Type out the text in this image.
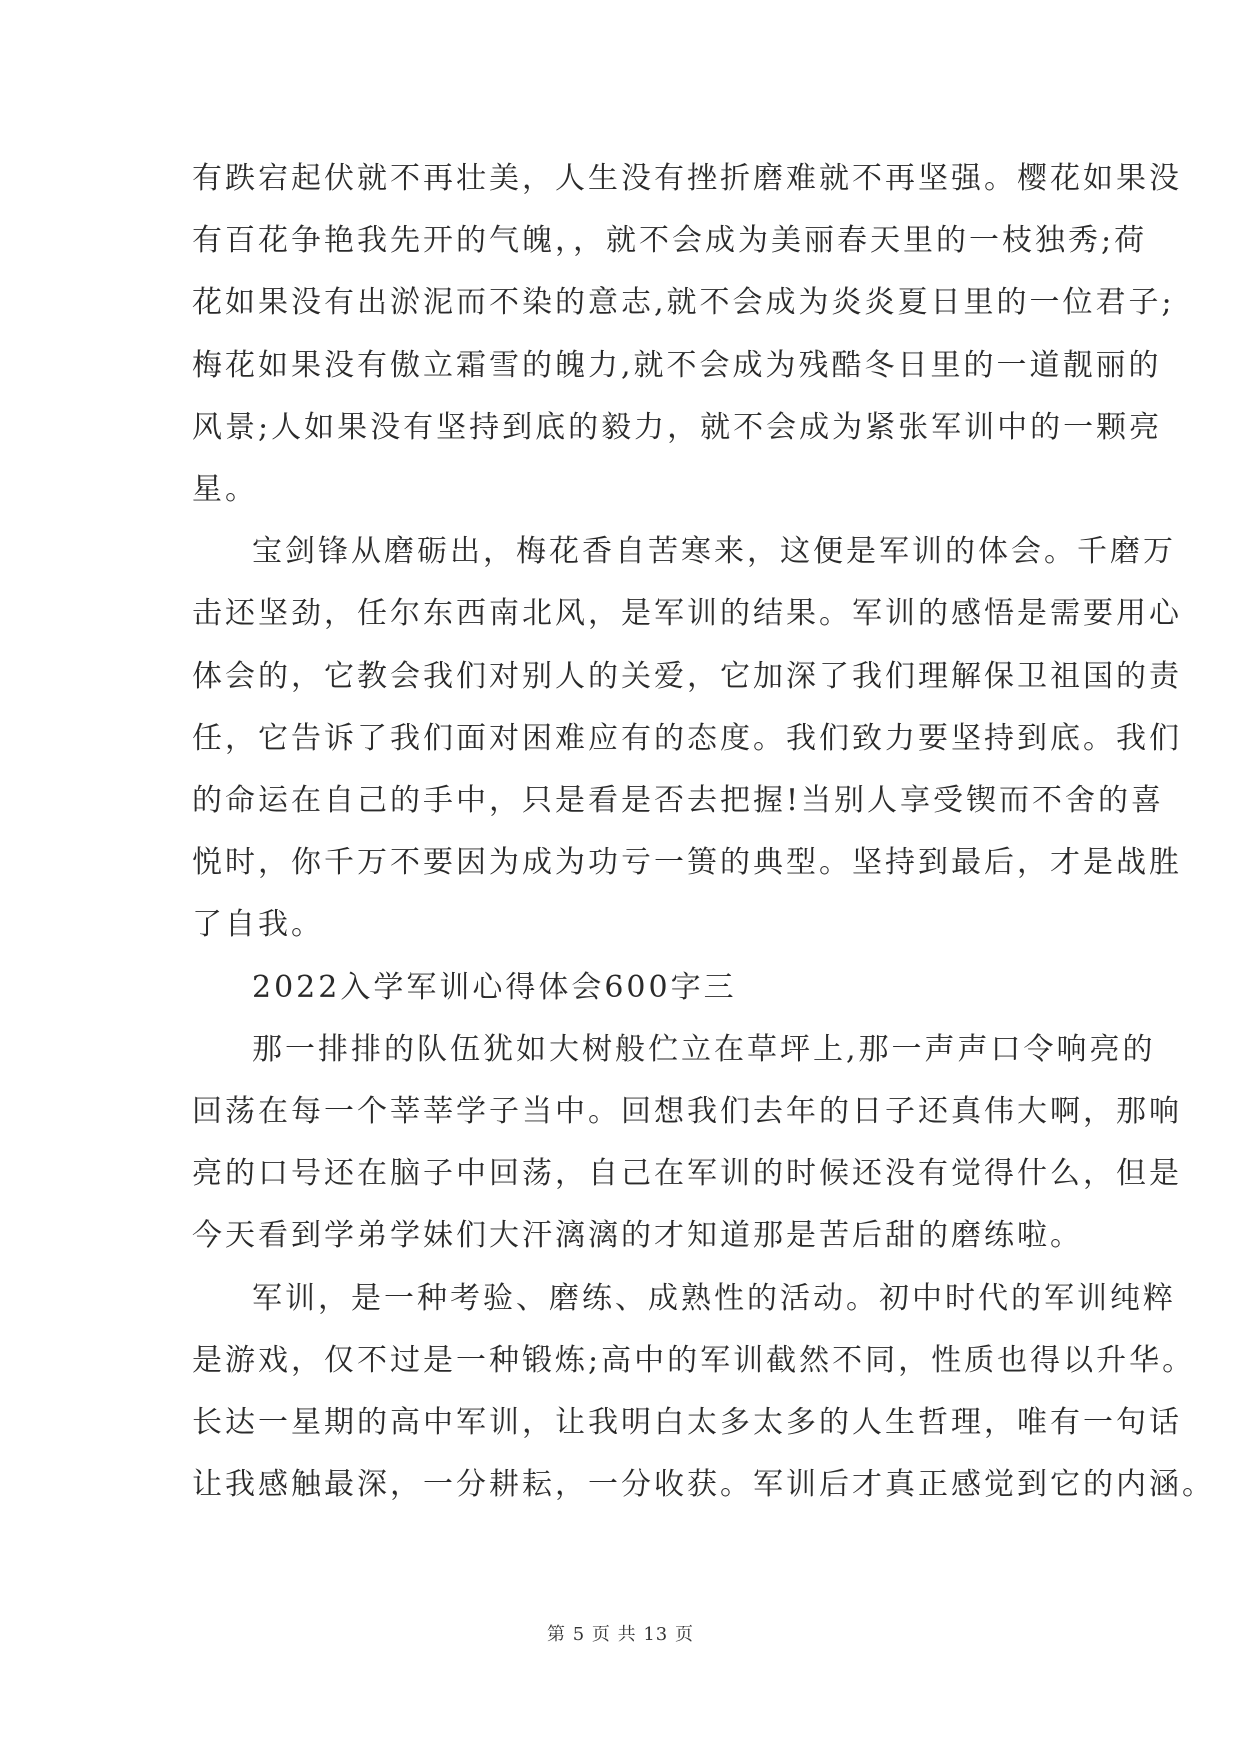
有跌宕起伏就不再壮美，人生没有挫折磨难就不再坚强。樱花如果没
有百花争艳我先开的气魄，，就不会成为美丽春天里的一枝独秀;荷
花如果没有出淤泥而不染的意志,就不会成为炎炎夏日里的一位君子;
梅花如果没有傲立霜雪的魄力,就不会成为残酷冬日里的一道靓丽的
风景;人如果没有坚持到底的毅力，就不会成为紧张军训中的一颗亮
星。
宝剑锋从磨砺出，梅花香自苦寒来，这便是军训的体会。千磨万
击还坚劲，任尔东西南北风，是军训的结果。军训的感悟是需要用心
体会的，它教会我们对别人的关爱，它加深了我们理解保卫祖国的责
任，它告诉了我们面对困难应有的态度。我们致力要坚持到底。我们
的命运在自己的手中，只是看是否去把握!当别人享受锲而不舍的喜
悦时，你千万不要因为成为功亏一篑的典型。坚持到最后，才是战胜
了自我。
2022入学军训心得体会600字三
那一排排的队伍犹如大树般伫立在草坪上,那一声声口令响亮的
回荡在每一个莘莘学子当中。回想我们去年的日子还真伟大啊，那响
亮的口号还在脑子中回荡，自己在军训的时候还没有觉得什么，但是
今天看到学弟学妹们大汗漓漓的才知道那是苦后甜的磨练啦。
军训，是一种考验、磨练、成熟性的活动。初中时代的军训纯粹
是游戏，仅不过是一种锻炼;高中的军训截然不同，性质也得以升华。
长达一星期的高中军训，让我明白太多太多的人生哲理，唯有一句话
让我感触最深，一分耕耘，一分收获。军训后才真正感觉到它的内涵。
第 5 页 共 13 页
